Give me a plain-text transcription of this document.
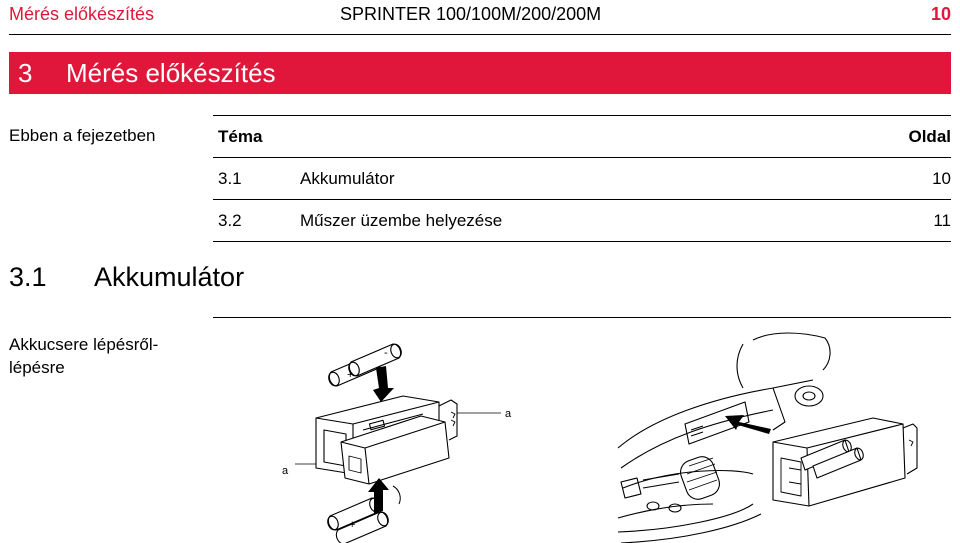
Mérés előkészítés	SPRINTER 100/100M/200/200M	10
3 Mérés előkészítés
Ebben a fejezetben	Téma	Oldal
3.1	Akkumulátor	10
3.2	Műszer üzembe helyezése	11
3.1 Akkumulátor
Akkucsere lépésről-
lépésre	+
-
+
a
a
